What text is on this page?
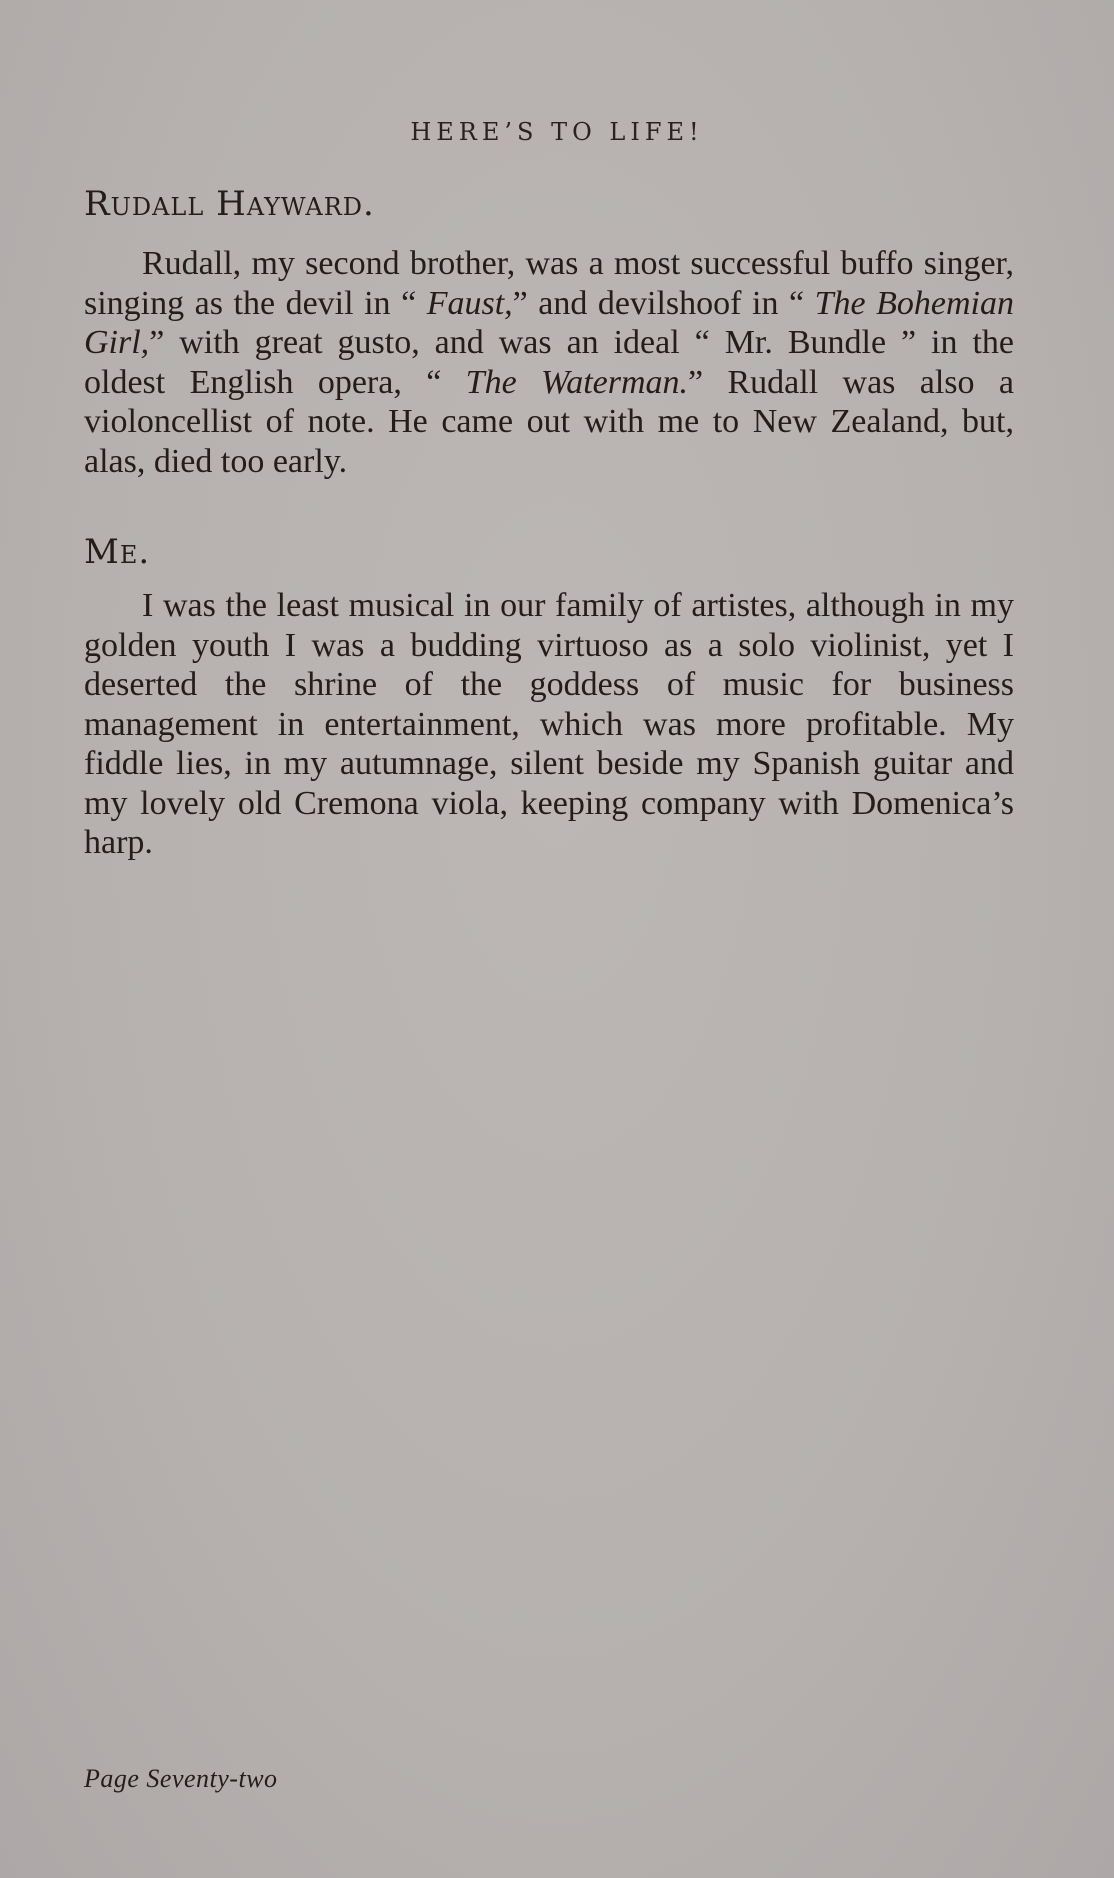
HERE’S TO LIFE!
Rudall Hayward.

Rudall, my second brother, was a most successful buffo singer, singing as the devil in “ Faust,” and devilshoof in “ The Bohemian Girl,” with great gusto, and was an ideal “ Mr. Bundle ” in the oldest English opera, “ The Waterman.” Rudall was also a violoncellist of note. He came out with me to New Zealand, but, alas, died too early.

Me.

I was the least musical in our family of artistes, although in my golden youth I was a budding virtuoso as a solo violinist, yet I deserted the shrine of the goddess of music for business management in entertainment, which was more profitable. My fiddle lies, in my autumnage, silent beside my Spanish guitar and my lovely old Cremona viola, keeping company with Domenica’s harp.

Page Seventy-two
